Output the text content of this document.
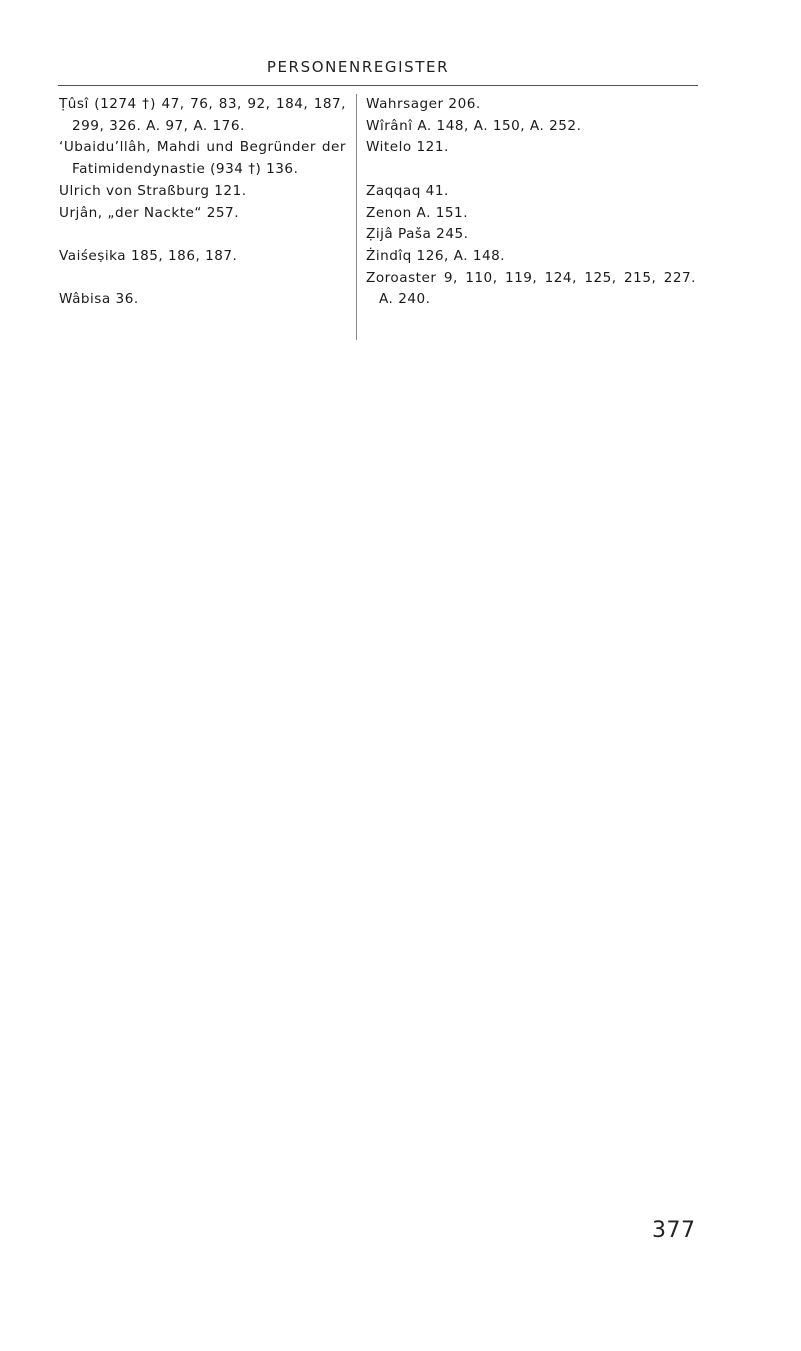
PERSONENREGISTER
Ṭûsî (1274 †) 47, 76, 83, 92, 184, 187, 299, 326. A. 97, A. 176.
‘Ubaidu’llâh, Mahdi und Begründer der Fatimidendynastie (934 †) 136.
Ulrich von Straßburg 121.
Urjân, „der Nackte“ 257.
Vaiśeṣika 185, 186, 187.
Wâbisa 36.
Wahrsager 206.
Wîrânî A. 148, A. 150, A. 252.
Witelo 121.
Zaqqaq 41.
Zenon A. 151.
Ẓijâ Paša 245.
Żindîq 126, A. 148.
Zoroaster 9, 110, 119, 124, 125, 215, 227. A. 240.
377
